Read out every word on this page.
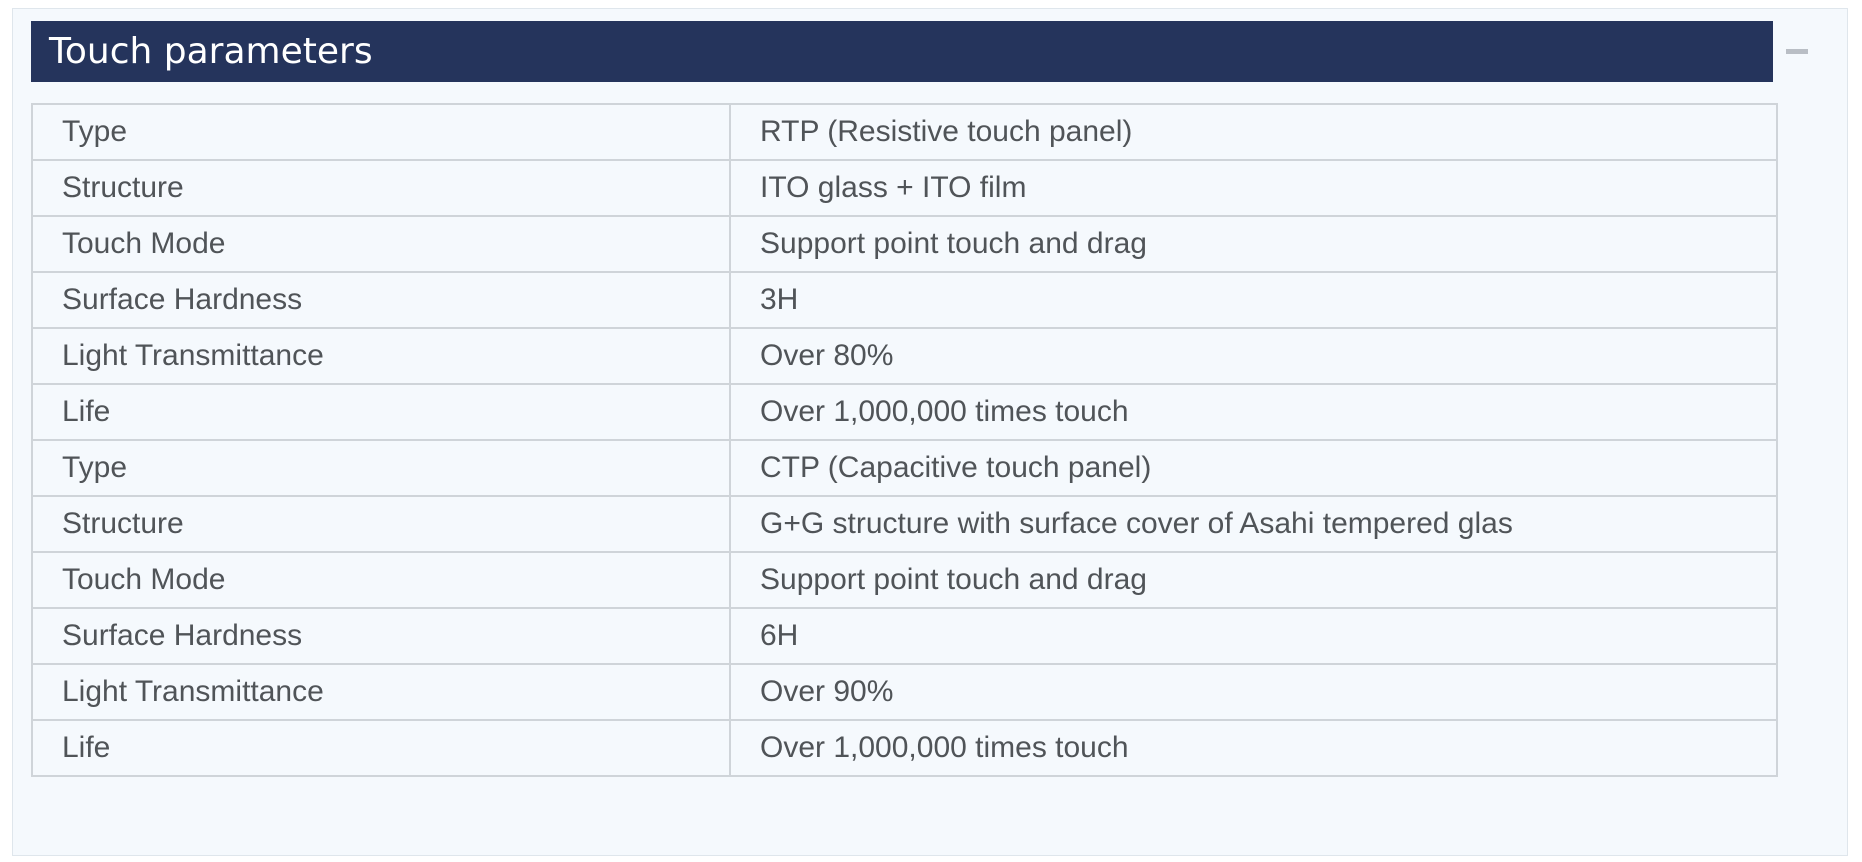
Touch parameters
Type	RTP (Resistive touch panel)
Structure	ITO glass + ITO film
Touch Mode	Support point touch and drag
Surface Hardness	3H
Light Transmittance	Over 80%
Life	Over 1,000,000 times touch
Type	CTP (Capacitive touch panel)
Structure	G+G structure with surface cover of Asahi tempered glas
Touch Mode	Support point touch and drag
Surface Hardness	6H
Light Transmittance	Over 90%
Life	Over 1,000,000 times touch
